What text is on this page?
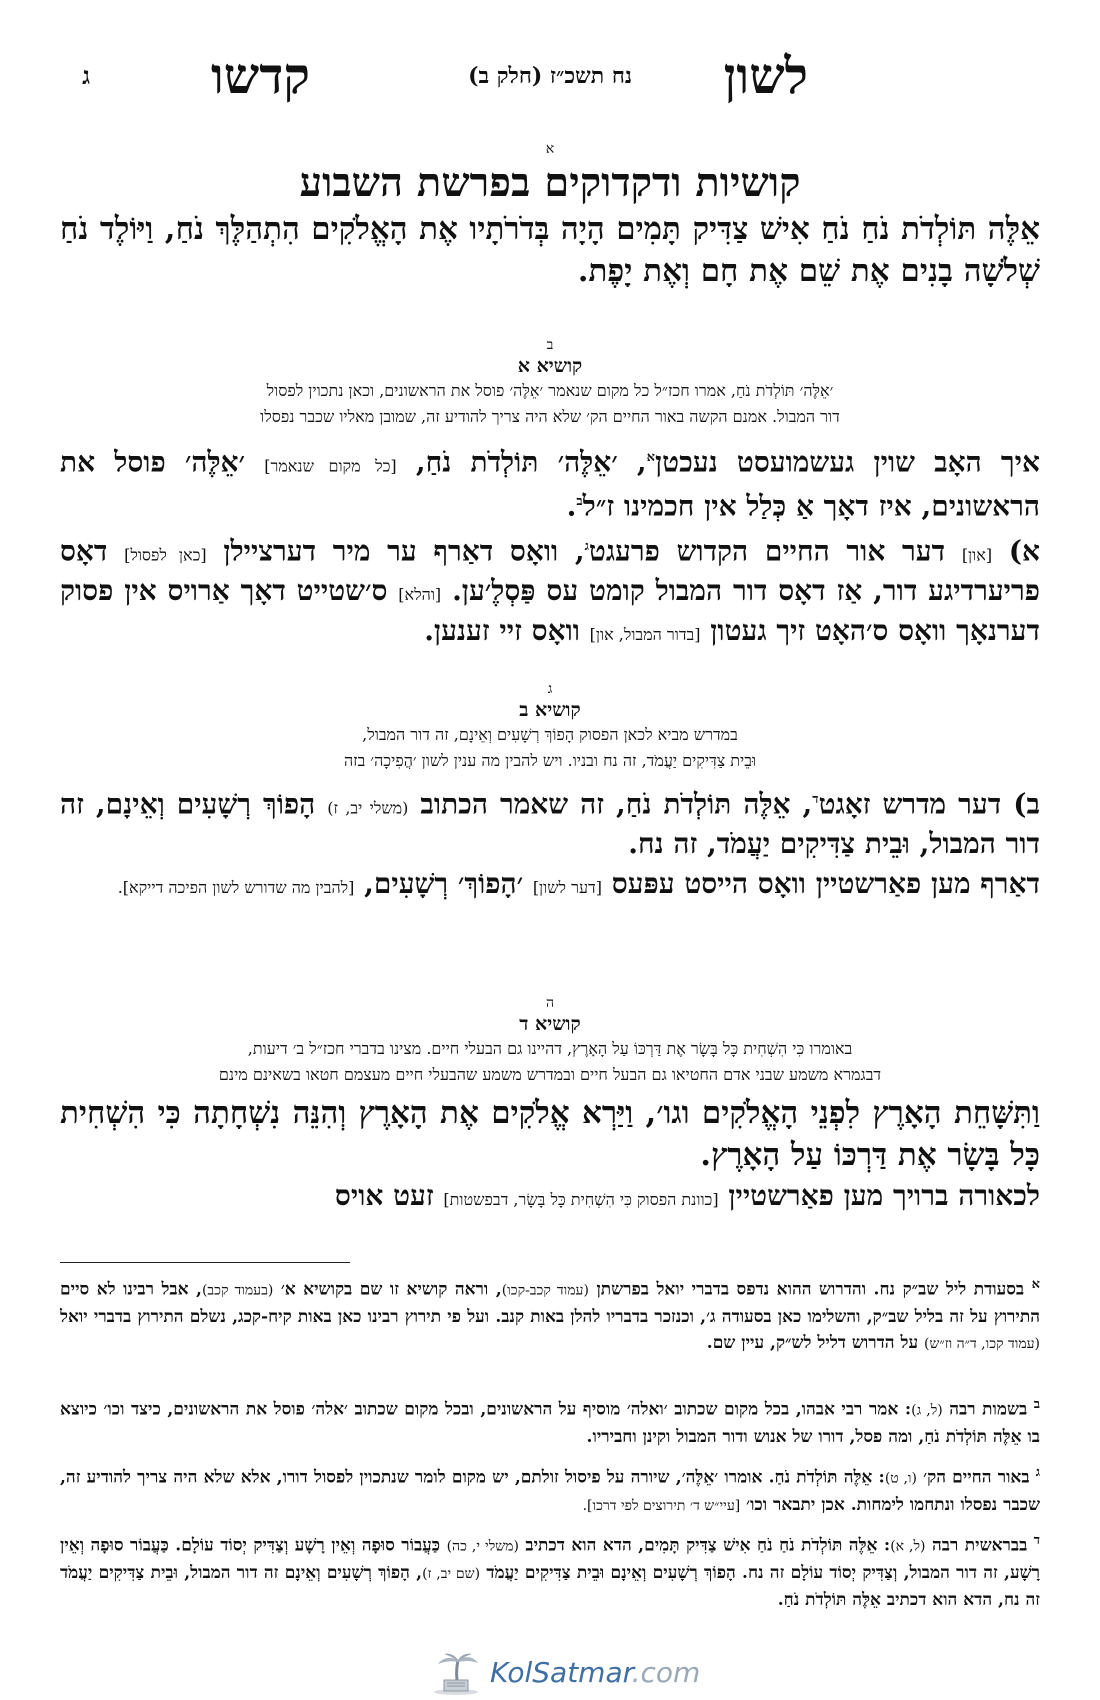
לשון
נח תשכ״ז (חלק ב)
קדשו
ג
א
קושיות ודקדוקים בפרשת השבוע
אֵלֶּה תּוֹלְדֹת נֹחַ נֹחַ אִישׁ צַדִּיק תָּמִים הָיָה בְּדֹרֹתָיו אֶת הָאֱלֹקִים הִתְהַלֶּךְ נֹחַ, וַיּוֹלֶד נֹחַ שְׁלֹשָׁה בָנִים אֶת שֵׁם אֶת חָם וְאֶת יָפֶת.
ב
קושיא א
׳אֵלֶּה׳ תּוֹלְדֹת נֹחַ, אמרו חכז״ל כל מקום שנאמר ׳אֵלֶּה׳ פוסל את הראשונים, וכאן נתכוין לפסול
דור המבול. אמנם הקשה באור החיים הק׳ שלא היה צריך להודיע זה, שמובן מאליו שכבר נפסלו
איך האָב שוין געשמועסט נעכטן$^א$, ׳אֵלֶּה׳ תּוֹלְדֹת נֹחַ, [כל מקום שנאמר] ׳אֵלֶּה׳ פוסל את הראשונים, איז דאָך אַ כְּלַל אין חכמינו ז״ל$^ב$.
א) [און] דער אור החיים הקדוש פרעגט$^ג$, וואָס דאַרף ער מיר דערציילן [כאן לפסול] דאָס פריערדיגע דור, אַז דאָס דור המבול קומט עס פַּסְלֶ׳ען. [והלא] ס׳שטייט דאָך אַרויס אין פסוק דערנאָך וואָס ס׳האָט זיך געטון [בדור המבול, און] וואָס זיי זענען.
ג
קושיא ב
במדרש מביא לכאן הפסוק הָפוֹךְ רְשָׁעִים וְאֵינָם, זה דור המבול,
וּבֵית צַדִּיקִים יַעֲמֹד, זה נח ובניו. ויש להבין מה ענין לשון ׳הֲפִיכָה׳ בזה
ב) דער מדרש זאָגט$^ד$, אֵלֶּה תּוֹלְדֹת נֹחַ, זה שאמר הכתוב (משלי יב, ז) הָפוֹךְ רְשָׁעִים וְאֵינָם, זה דור המבול, וּבֵית צַדִּיקִים יַעֲמֹד, זה נח.
דאַרף מען פאַרשטיין וואָס הייסט עפּעס [דער לשון] ׳הָפוֹךְ׳ רְשָׁעִים, [להבין מה שדורש לשון הפיכה דייקא].
ה
קושיא ד
באומרו כִּי הִשְׁחִית כָּל בָּשָׂר אֶת דַּרְכּוֹ עַל הָאָרֶץ, דהיינו גם הבעלי חיים. מצינו בדברי חכז״ל ב׳ דיעות,
דבגמרא משמע שבני אדם החטיאו גם הבעל חיים ובמדרש משמע שהבעלי חיים מעצמם חטאו בשאינם מינם
וַתִּשָּׁחֵת הָאָרֶץ לִפְנֵי הָאֱלֹקִים וגו׳, וַיַּרְא אֱלֹקִים אֶת הָאָרֶץ וְהִנֵּה נִשְׁחָתָה כִּי הִשְׁחִית כָּל בָּשָׂר אֶת דַּרְכּוֹ עַל הָאָרֶץ.
לכאורה ברויך מען פאַרשטיין [כוונת הפסוק כִּי הִשְׁחִית כָּל בָּשָׂר, דבפשטות] זעט אויס
$^א$ בסעודת ליל שב״ק נח. והדרוש ההוא נדפס בדברי יואל בפרשתן (עמוד קכב-קכו), וראה קושיא זו שם בקושיא א׳ (בעמוד קכב), אבל רבינו לא סיים התירוץ על זה בליל שב״ק, והשלימו כאן בסעודה ג׳, וכנזכר בדבריו להלן באות קנב. ועל פי תירוץ רבינו כאן באות קיח-קכג, נשלם התירוץ בדברי יואל (עמוד קכו, ד״ה וז״ש) על הדרוש דליל לש״ק, עיין שם.
$^ב$ בשמות רבה (ל, ג): אמר רבי אבהו, בכל מקום שכתוב ׳ואלה׳ מוסיף על הראשונים, ובכל מקום שכתוב ׳אלה׳ פוסל את הראשונים, כיצד וכו׳ כיוצא בו אֵלֶּה תּוֹלְדֹת נֹחַ, ומה פסל, דורו של אנוש ודור המבול וקינן וחביריו.
$^ג$ באור החיים הק׳ (ו, ט): אֵלֶּה תּוֹלְדֹת נֹחַ. אומרו ׳אֵלֶּה׳, שיורה על פיסול זולתם, יש מקום לומר שנתכוין לפסול דורו, אלא שלא היה צריך להודיע זה, שכבר נפסלו ונתחמו לימחות. אכן יתבאר וכו׳ [עיי״ש ד׳ תירוצים לפי דרכו].
$^ד$ בבראשית רבה (ל, א): אֵלֶּה תּוֹלְדֹת נֹחַ נֹחַ אִישׁ צַדִּיק תָּמִים, הדא הוא דכתיב (משלי י, כה) כַּעֲבוֹר סוּפָה וְאֵין רָשָׁע וְצַדִּיק יְסוֹד עוֹלָם. כַּעֲבוֹר סוּפָה וְאֵין רָשָׁע, זה דור המבול, וְצַדִּיק יְסוֹד עוֹלָם זה נח. הָפוֹךְ רְשָׁעִים וְאֵינָם וּבֵית צַדִּיקִים יַעֲמֹד (שם יב, ז), הָפוֹךְ רְשָׁעִים וְאֵינָם זה דור המבול, וּבֵית צַדִּיקִים יַעֲמֹד זה נח, הדא הוא דכתיב אֵלֶּה תּוֹלְדֹת נֹחַ.
KolSatmar.com
